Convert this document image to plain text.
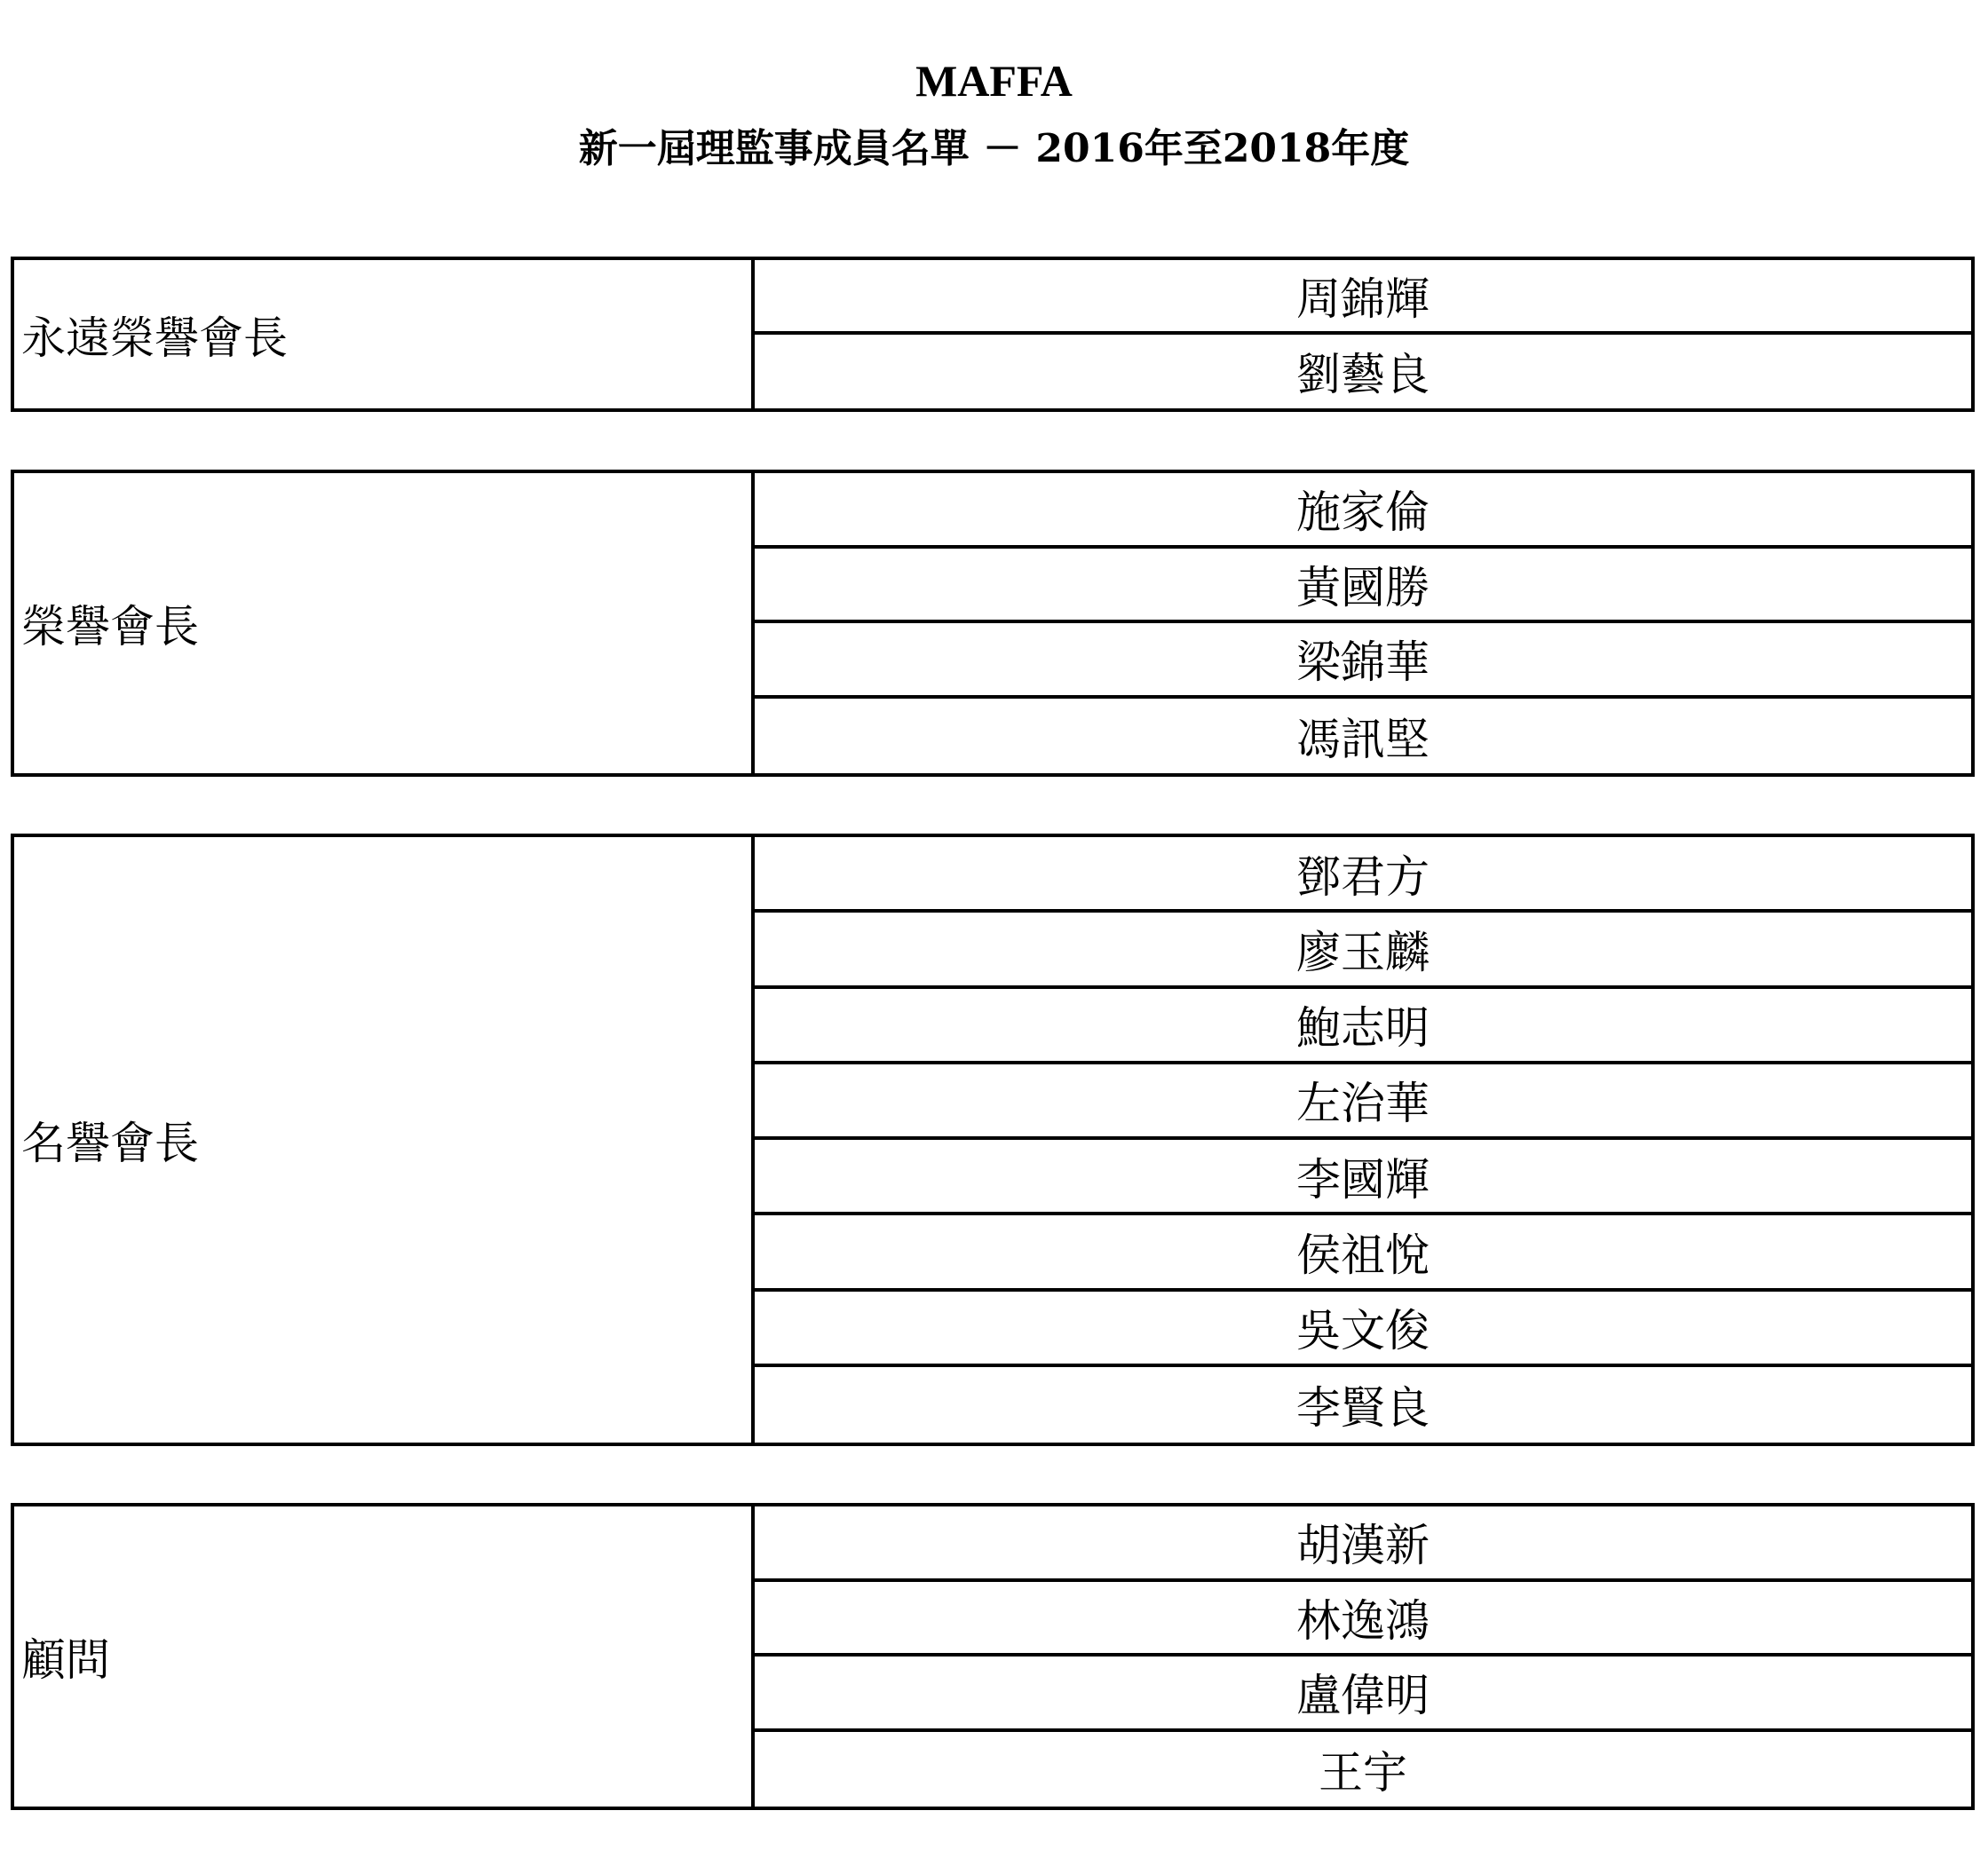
MAFFA
新一屆理監事成員名單 － 2016年至2018年度
永遠榮譽會長
周錦輝
劉藝良
榮譽會長
施家倫
黃國勝
梁錦華
馮訊堅
名譽會長
鄧君方
廖玉麟
鮑志明
左治華
李國輝
侯祖悅
吳文俊
李賢良
顧問
胡漢新
林逸鴻
盧偉明
王宇
